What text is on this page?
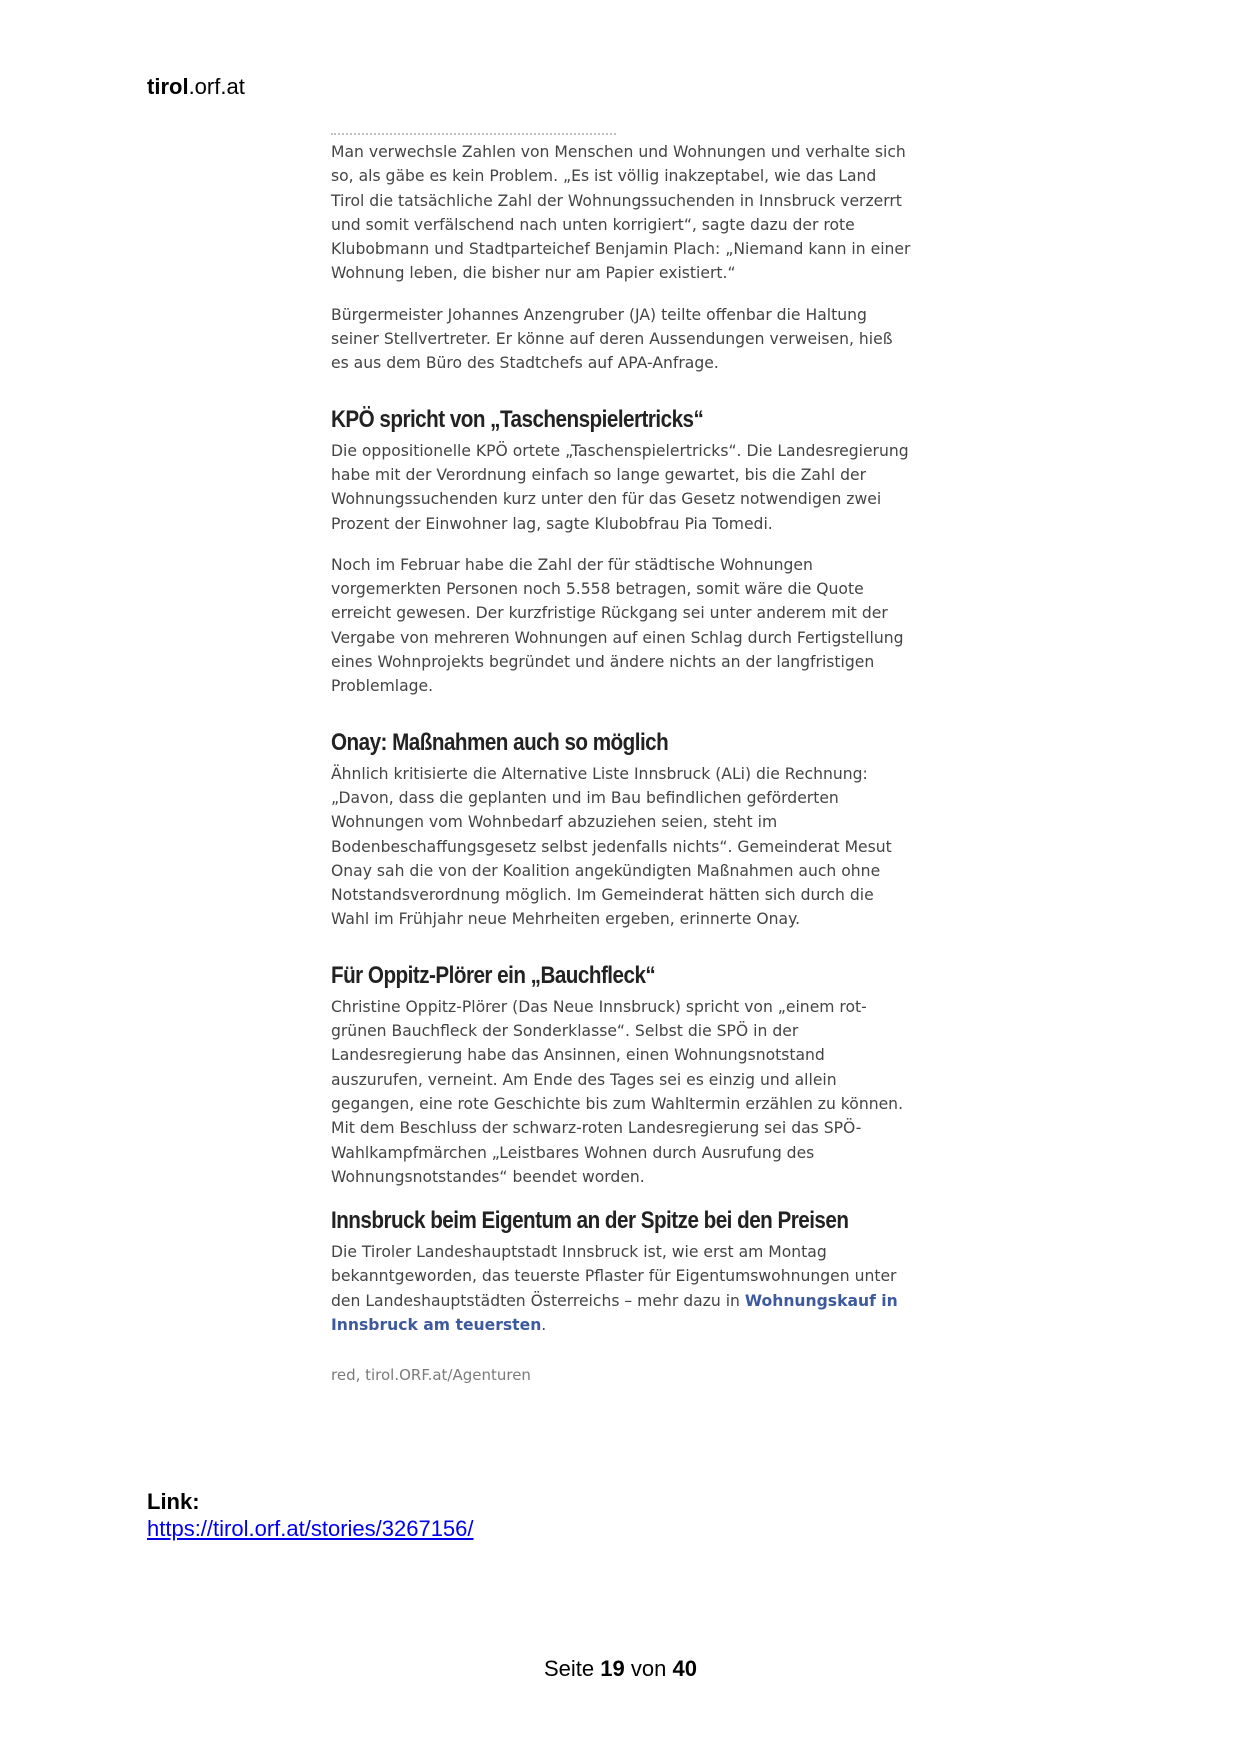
tirol.orf.at

Man verwechsle Zahlen von Menschen und Wohnungen und verhalte sich so, als gäbe es kein Problem. „Es ist völlig inakzeptabel, wie das Land Tirol die tatsächliche Zahl der Wohnungssuchenden in Innsbruck verzerrt und somit verfälschend nach unten korrigiert“, sagte dazu der rote Klubobmann und Stadtparteichef Benjamin Plach: „Niemand kann in einer Wohnung leben, die bisher nur am Papier existiert.“

Bürgermeister Johannes Anzengruber (JA) teilte offenbar die Haltung seiner Stellvertreter. Er könne auf deren Aussendungen verweisen, hieß es aus dem Büro des Stadtchefs auf APA-Anfrage.

KPÖ spricht von „Taschenspielertricks“

Die oppositionelle KPÖ ortete „Taschenspielertricks“. Die Landesregierung habe mit der Verordnung einfach so lange gewartet, bis die Zahl der Wohnungssuchenden kurz unter den für das Gesetz notwendigen zwei Prozent der Einwohner lag, sagte Klubobfrau Pia Tomedi.

Noch im Februar habe die Zahl der für städtische Wohnungen vorgemerkten Personen noch 5.558 betragen, somit wäre die Quote erreicht gewesen. Der kurzfristige Rückgang sei unter anderem mit der Vergabe von mehreren Wohnungen auf einen Schlag durch Fertigstellung eines Wohnprojekts begründet und ändere nichts an der langfristigen Problemlage.

Onay: Maßnahmen auch so möglich

Ähnlich kritisierte die Alternative Liste Innsbruck (ALi) die Rechnung: „Davon, dass die geplanten und im Bau befindlichen geförderten Wohnungen vom Wohnbedarf abzuziehen seien, steht im Bodenbeschaffungsgesetz selbst jedenfalls nichts“. Gemeinderat Mesut Onay sah die von der Koalition angekündigten Maßnahmen auch ohne Notstandsverordnung möglich. Im Gemeinderat hätten sich durch die Wahl im Frühjahr neue Mehrheiten ergeben, erinnerte Onay.

Für Oppitz-Plörer ein „Bauchfleck“

Christine Oppitz-Plörer (Das Neue Innsbruck) spricht von „einem rot-grünen Bauchfleck der Sonderklasse“. Selbst die SPÖ in der Landesregierung habe das Ansinnen, einen Wohnungsnotstand auszurufen, verneint. Am Ende des Tages sei es einzig und allein gegangen, eine rote Geschichte bis zum Wahltermin erzählen zu können. Mit dem Beschluss der schwarz-roten Landesregierung sei das SPÖ-Wahlkampfmärchen „Leistbares Wohnen durch Ausrufung des Wohnungsnotstandes“ beendet worden.

Innsbruck beim Eigentum an der Spitze bei den Preisen

Die Tiroler Landeshauptstadt Innsbruck ist, wie erst am Montag bekanntgeworden, das teuerste Pflaster für Eigentumswohnungen unter den Landeshauptstädten Österreichs – mehr dazu in Wohnungskauf in Innsbruck am teuersten.

red, tirol.ORF.at/Agenturen

Link:
https://tirol.orf.at/stories/3267156/
Seite 19 von 40
